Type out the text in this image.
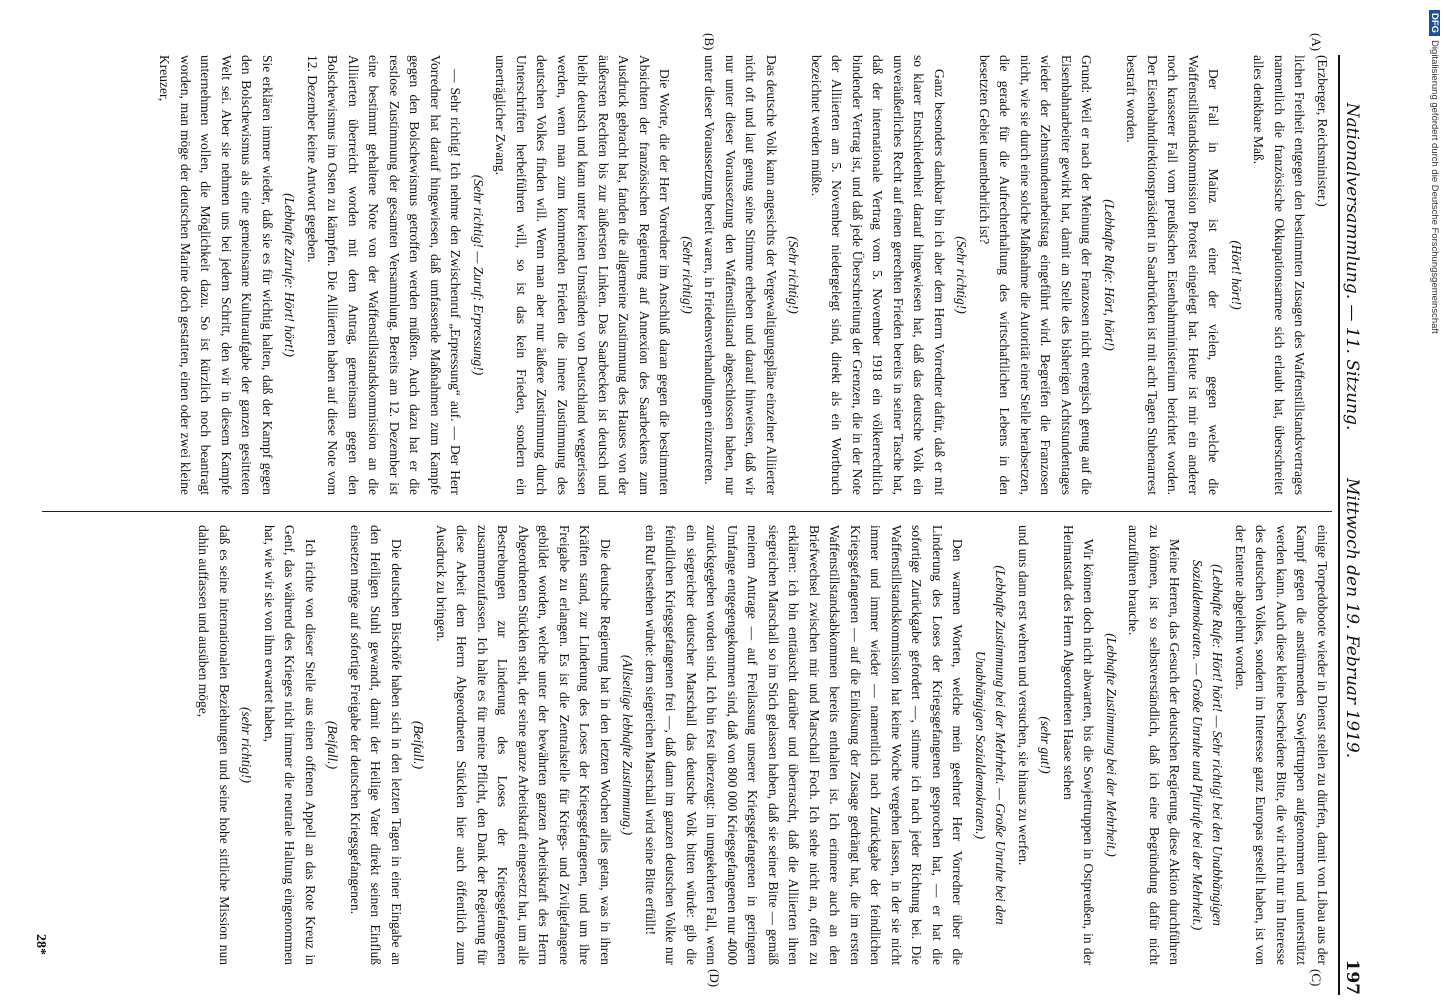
Nationalversammlung. — 11. Sitzung.
Mittwoch den 19. Februar 1919.
197
(A)
(B)
(C)
(D)

(Erzberger, Reichsminister.)

lichen Freiheit entgegen den bestimmten Zusagen des Waffenstillstandsvertrages namentlich die französische Okkupationsarmee sich erlaubt hat, überschreitet alles denkbare Maß.

(Hört! hört!)

Der Fall in Mainz ist einer der vielen, gegen welche die Waffenstillstandskommission Protest eingelegt hat. Heute ist mir ein anderer noch krasserer Fall vom preußischen Eisenbahnministerium berichtet worden. Der Eisenbahndirektionspräsident in Saarbrücken ist mit acht Tagen Stubenarrest bestraft worden.

(Lebhafte Rufe: Hört, hört!)

Grund: Weil er nach der Meinung der Franzosen nicht energisch genug auf die Eisenbahnarbeiter gewirkt hat, damit an Stelle des bisherigen Achtstundentages wieder der Zehnstundenarbeitstag eingeführt wird. Begreifen die Franzosen nicht, wie sie durch eine solche Maßnahme die Autorität einer Stelle herabsetzen, die gerade für die Aufrechterhaltung des wirtschaftlichen Lebens in den besetzten Gebiet unentbehrlich ist?

(Sehr richtig!)

Ganz besonders dankbar bin ich aber dem Herrn Vorredner dafür, daß er mit so klarer Entschiedenheit darauf hingewiesen hat, daß das deutsche Volk ein unveräußerliches Recht auf einen gerechten Frieden bereits in seiner Tasche hat, daß der internationale Vertrag vom 5. November 1918 ein völkerrechtlich bindender Vertrag ist, und daß jede Überschreitung der Grenzen, die in der Note der Alliierten am 5. November niedergelegt sind, direkt als ein Wortbruch bezeichnet werden müßte.

(Sehr richtig!)

Das deutsche Volk kann angesichts der Vergewaltigungspläne einzelner Alliierter nicht oft und laut genug seine Stimme erheben und darauf hinweisen, daß wir nur unter dieser Voraussetzung den Waffenstillstand abgeschlossen haben, nur unter dieser Voraussetzung bereit waren, in Friedensverhandlungen einzutreten.

(Sehr richtig!)

Die Worte, die der Herr Vorredner im Anschluß daran gegen die bestimmten Absichten der französischen Regierung auf Annexion des Saarbeckens zum Ausdruck gebracht hat, fanden die allgemeine Zustimmung des Hauses von der äußersten Rechten bis zur äußersten Linken. Das Saarbecken ist deutsch und bleibt deutsch und kann unter keinen Umständen von Deutschland weggerissen werden, wenn man zum kommenden Frieden die innere Zustimmung des deutschen Volkes finden will. Wenn man aber nur äußere Zustimmung durch Unterschriften herbeiführen will, so ist das kein Frieden, sondern ein unerträglicher Zwang.

(Sehr richtig! — Zuruf: Erpressung!)

— Sehr richtig! Ich nehme den Zwischenruf „Erpressung“ auf. — Der Herr Vorredner hat darauf hingewiesen, daß umfassende Maßnahmen zum Kampfe gegen den Bolschewismus getroffen werden müßten. Auch dazu hat er die restlose Zustimmung der gesamten Versammlung. Bereits am 12. Dezember ist eine bestimmt gehaltene Note von der Waffenstillstandskommission an die Alliierten überreicht worden mit dem Antrag, gemeinsam gegen den Bolschewismus im Osten zu kämpfen. Die Alliierten haben auf diese Note vom 12. Dezember keine Antwort gegeben.

(Lebhafte Zurufe: Hört! hört!)

Sie erklären immer wieder, daß sie es für wichtig halten, daß der Kampf gegen den Bolschewismus als eine gemeinsame Kulturaufgabe der ganzen gesitteten Welt sei. Aber sie nehmen uns bei jedem Schritt, den wir in diesem Kampfe unternehmen wollen, die Möglichkeit dazu. So ist kürzlich noch beantragt worden, man möge der deutschen Marine doch gestatten, einen oder zwei kleine Kreuzer,

einige Torpedoboote wieder in Dienst stellen zu dürfen, damit von Libau aus der Kampf gegen die anstürmenden Sowjettruppen aufgenommen und unterstützt werden kann. Auch diese kleine bescheidene Bitte, die wir nicht nur im Interesse des deutschen Volkes, sondern im Interesse ganz Europas gestellt haben, ist von der Entente abgelehnt worden.

(Lebhafte Rufe: Hört! hört! — Sehr richtig! bei den Unabhängigen Sozialdemokraten. — Große Unruhe und Pfuirufe bei der Mehrheit.)

Meine Herren, das Gesuch der deutschen Regierung, diese Aktion durchführen zu können, ist so selbstverständlich, daß ich eine Begründung dafür nicht anzuführen brauche.

(Lebhafte Zustimmung bei der Mehrheit.)

Wir können doch nicht abwarten, bis die Sowjettruppen in Ostpreußen, in der Heimatstadt des Herrn Abgeordneten Haase stehen

(sehr gut!)

und uns dann erst wehren und versuchen, sie hinaus zu werfen.

(Lebhafte Zustimmung bei der Mehrheit. — Große Unruhe bei den Unabhängigen Sozialdemokraten.)

Den warmen Worten, welche mein geehrter Herr Vorredner über die Linderung des Loses der Kriegsgefangenen gesprochen hat, — er hat die sofortige Zurückgabe gefordert —, stimme ich nach jeder Richtung bei. Die Waffenstillstandskommission hat keine Woche vergehen lassen, in der sie nicht immer und immer wieder — namentlich nach Zurückgabe der feindlichen Kriegsgefangenen — auf die Einlösung der Zusage gedrängt hat, die im ersten Waffenstillstandsabkommen bereits enthalten ist. Ich erinnere auch an den Briefwechsel zwischen mir und Marschall Foch. Ich stehe nicht an, offen zu erklären: ich bin enttäuscht darüber und überrascht, daß die Alliierten ihren siegreichen Marschall so im Stich gelassen haben, daß sie seiner Bitte — gemäß meinem Antrage — auf Freilassung unserer Kriegsgefangenen in geringem Umfange entgegengekommen sind, daß von 800 000 Kriegsgefangenen nur 4000 zurückgegeben worden sind. Ich bin fest überzeugt: im umgekehrten Fall, wenn ein siegreicher deutscher Marschall das deutsche Volk bitten würde: gib die feindlichen Kriegsgefangenen frei —, daß dann im ganzen deutschen Volke nur ein Ruf bestehen würde: dem siegreichen Marschall wird seine Bitte erfüllt!

(Allseitige lebhafte Zustimmung.)

Die deutsche Regierung hat in den letzten Wochen alles getan, was in ihren Kräften stand, zur Linderung des Loses der Kriegsgefangenen, und um ihre Freigabe zu erlangen. Es ist die Zentralstelle für Kriegs- und Zivilgefangene gebildet worden, welche unter der bewährten ganzen Arbeitskraft des Herrn Abgeordneten Stücklen steht, der seine ganze Arbeitskraft eingesetzt hat, um alle Bestrebungen zur Linderung des Loses der Kriegsgefangenen zusammenzufassen. Ich halte es für meine Pflicht, den Dank der Regierung für diese Arbeit dem Herrn Abgeordneten Stücklen hier auch öffentlich zum Ausdruck zu bringen.

(Beifall.)

Die deutschen Bischöfe haben sich in den letzten Tagen in einer Eingabe an den Heiligen Stuhl gewandt, damit der Heilige Vater direkt seinen Einfluß einsetzen möge auf sofortige Freigabe der deutschen Kriegsgefangenen.

(Beifall.)

Ich richte von dieser Stelle aus einen offenen Appell an das Rote Kreuz in Genf, das während des Krieges nicht immer die neutrale Haltung eingenommen hat, wie wir sie von ihm erwartet haben,

(sehr richtig!)

daß es seine internationalen Beziehungen und seine hohe sittliche Mission nun dahin auffassen und ausüben möge,

28*
DFGDigitalisierung gefördert durch die Deutsche Forschungsgemeinschaft
